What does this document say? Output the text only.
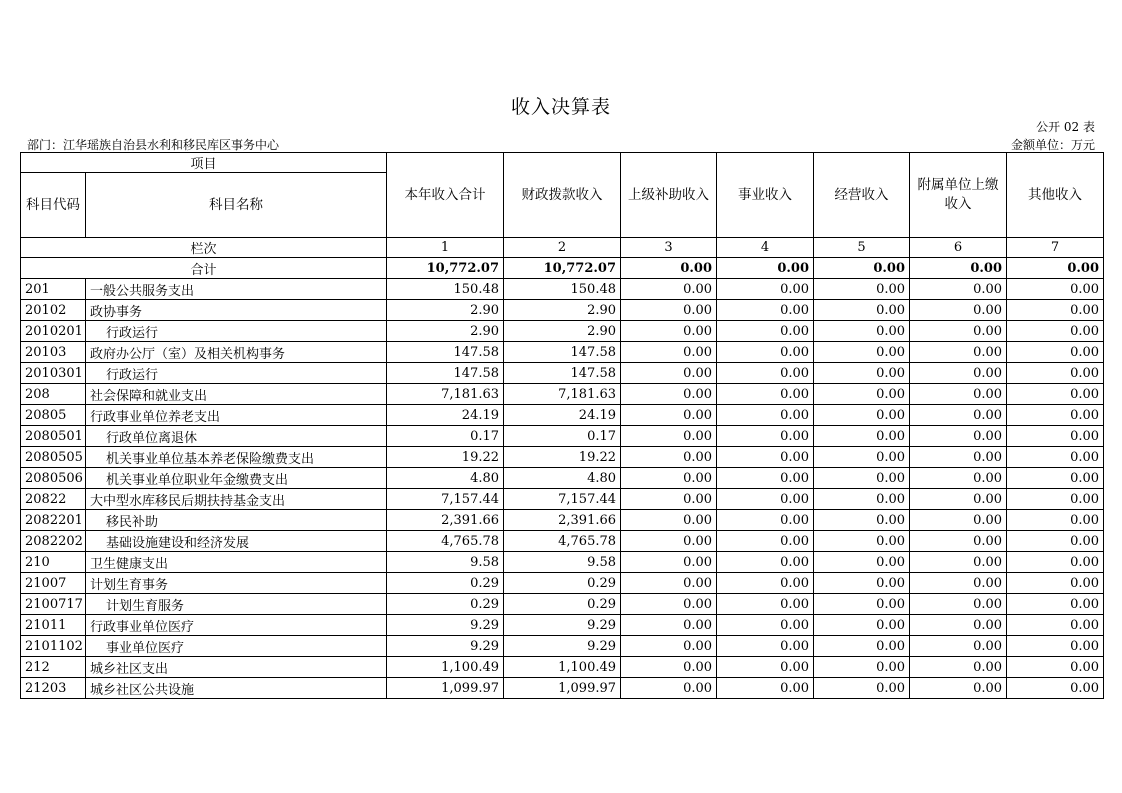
收入决算表
公开 02 表
部门：江华瑶族自治县水利和移民库区事务中心	金额单位：万元
项目		本年收入合计	财政拨款收入	上级补助收入	事业收入	经营收入	附属单位上缴收入	其他收入
科目代码	科目名称							
栏次		1	2	3	4	5	6	7
合计		10,772.07	10,772.07	0.00	0.00	0.00	0.00	0.00
201	一般公共服务支出	150.48	150.48	0.00	0.00	0.00	0.00	0.00
20102	政协事务	2.90	2.90	0.00	0.00	0.00	0.00	0.00
2010201	行政运行	2.90	2.90	0.00	0.00	0.00	0.00	0.00
20103	政府办公厅（室）及相关机构事务	147.58	147.58	0.00	0.00	0.00	0.00	0.00
2010301	行政运行	147.58	147.58	0.00	0.00	0.00	0.00	0.00
208	社会保障和就业支出	7,181.63	7,181.63	0.00	0.00	0.00	0.00	0.00
20805	行政事业单位养老支出	24.19	24.19	0.00	0.00	0.00	0.00	0.00
2080501	行政单位离退休	0.17	0.17	0.00	0.00	0.00	0.00	0.00
2080505	机关事业单位基本养老保险缴费支出	19.22	19.22	0.00	0.00	0.00	0.00	0.00
2080506	机关事业单位职业年金缴费支出	4.80	4.80	0.00	0.00	0.00	0.00	0.00
20822	大中型水库移民后期扶持基金支出	7,157.44	7,157.44	0.00	0.00	0.00	0.00	0.00
2082201	移民补助	2,391.66	2,391.66	0.00	0.00	0.00	0.00	0.00
2082202	基础设施建设和经济发展	4,765.78	4,765.78	0.00	0.00	0.00	0.00	0.00
210	卫生健康支出	9.58	9.58	0.00	0.00	0.00	0.00	0.00
21007	计划生育事务	0.29	0.29	0.00	0.00	0.00	0.00	0.00
2100717	计划生育服务	0.29	0.29	0.00	0.00	0.00	0.00	0.00
21011	行政事业单位医疗	9.29	9.29	0.00	0.00	0.00	0.00	0.00
2101102	事业单位医疗	9.29	9.29	0.00	0.00	0.00	0.00	0.00
212	城乡社区支出	1,100.49	1,100.49	0.00	0.00	0.00	0.00	0.00
21203	城乡社区公共设施	1,099.97	1,099.97	0.00	0.00	0.00	0.00	0.00
